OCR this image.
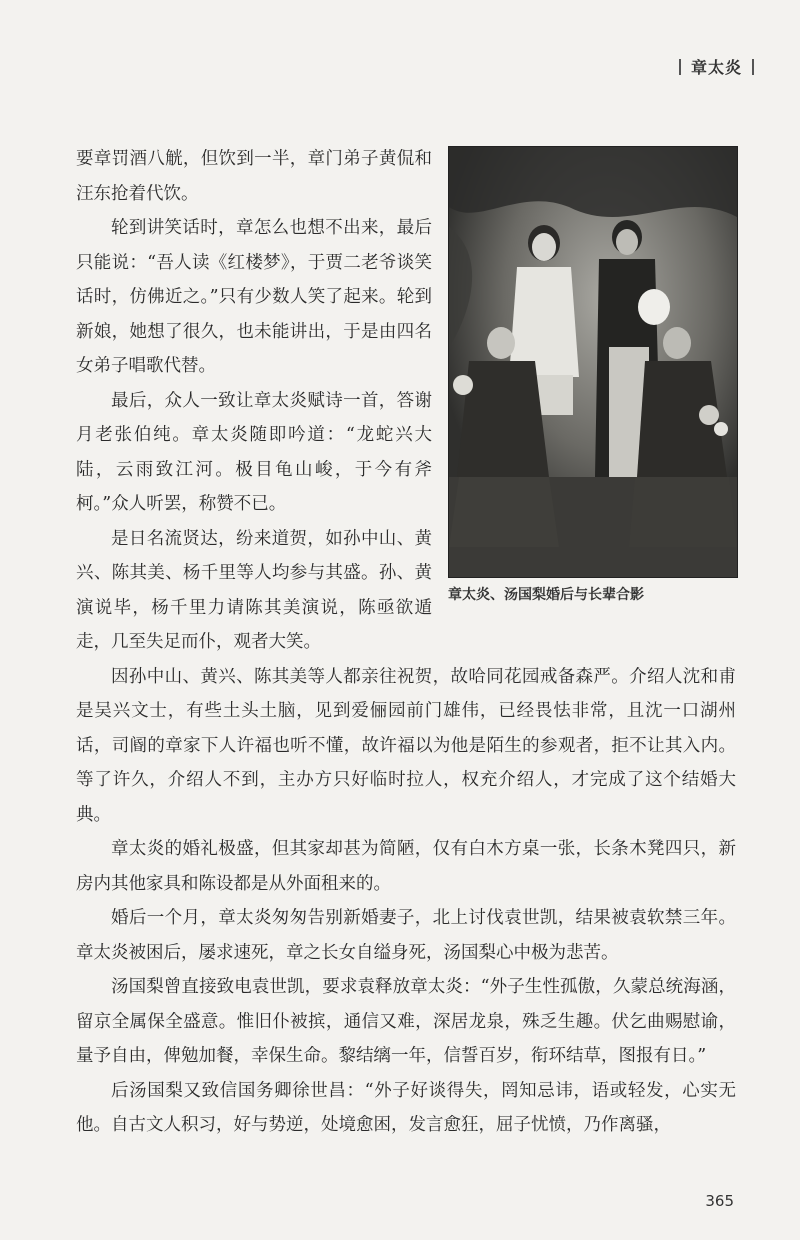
章太炎
章太炎、汤国梨婚后与长辈合影

要章罚酒八觥，但饮到一半，章门弟子黄侃和汪东抢着代饮。

轮到讲笑话时，章怎么也想不出来，最后只能说：“吾人读《红楼梦》，于贾二老爷谈笑话时，仿佛近之。”只有少数人笑了起来。轮到新娘，她想了很久，也未能讲出，于是由四名女弟子唱歌代替。

最后，众人一致让章太炎赋诗一首，答谢月老张伯纯。章太炎随即吟道：“龙蛇兴大陆，云雨致江河。极目龟山峻，于今有斧柯。”众人听罢，称赞不已。

是日名流贤达，纷来道贺，如孙中山、黄兴、陈其美、杨千里等人均参与其盛。孙、黄演说毕，杨千里力请陈其美演说，陈亟欲遁走，几至失足而仆，观者大笑。

因孙中山、黄兴、陈其美等人都亲往祝贺，故哈同花园戒备森严。介绍人沈和甫是吴兴文士，有些土头土脑，见到爱俪园前门雄伟，已经畏怯非常，且沈一口湖州话，司阍的章家下人许福也听不懂，故许福以为他是陌生的参观者，拒不让其入内。等了许久，介绍人不到，主办方只好临时拉人，权充介绍人，才完成了这个结婚大典。

章太炎的婚礼极盛，但其家却甚为简陋，仅有白木方桌一张，长条木凳四只，新房内其他家具和陈设都是从外面租来的。

婚后一个月，章太炎匆匆告别新婚妻子，北上讨伐袁世凯，结果被袁软禁三年。章太炎被困后，屡求速死，章之长女自缢身死，汤国梨心中极为悲苦。

汤国梨曾直接致电袁世凯，要求袁释放章太炎：“外子生性孤傲，久蒙总统海涵，留京全属保全盛意。惟旧仆被摈，通信又难，深居龙泉，殊乏生趣。伏乞曲赐慰谕，量予自由，俾勉加餐，幸保生命。黎结缡一年，信誓百岁，衔环结草，图报有日。”

后汤国梨又致信国务卿徐世昌：“外子好谈得失，罔知忌讳，语或轻发，心实无他。自古文人积习，好与势逆，处境愈困，发言愈狂，屈子忧愤，乃作离骚，

365
